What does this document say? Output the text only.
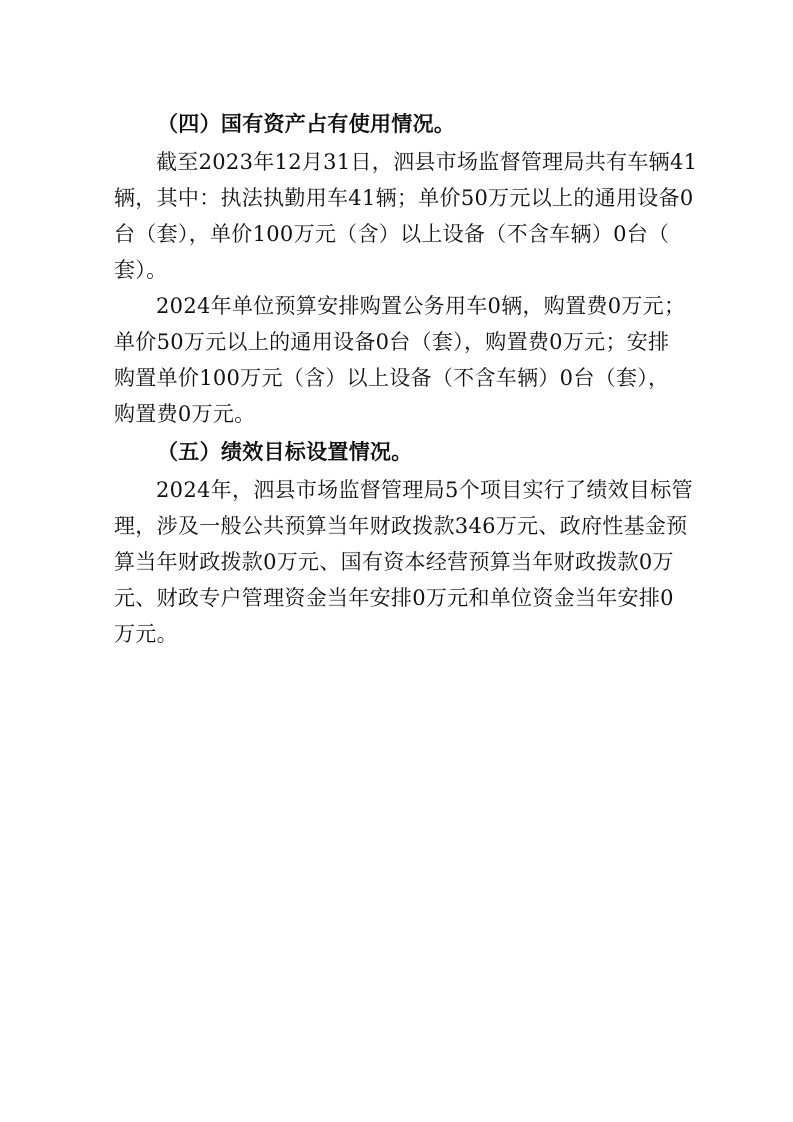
（四）国有资产占有使用情况。

截至2023年12月31日，泗县市场监督管理局共有车辆41

辆，其中：执法执勤用车41辆；单价50万元以上的通用设备0

台（套），单价100万元（含）以上设备（不含车辆）0台（

套）。

2024年单位预算安排购置公务用车0辆，购置费0万元；

单价50万元以上的通用设备0台（套），购置费0万元；安排

购置单价100万元（含）以上设备（不含车辆）0台（套），

购置费0万元。

（五）绩效目标设置情况。

2024年，泗县市场监督管理局5个项目实行了绩效目标管

理，涉及一般公共预算当年财政拨款346万元、政府性基金预

算当年财政拨款0万元、国有资本经营预算当年财政拨款0万

元、财政专户管理资金当年安排0万元和单位资金当年安排0

万元。
